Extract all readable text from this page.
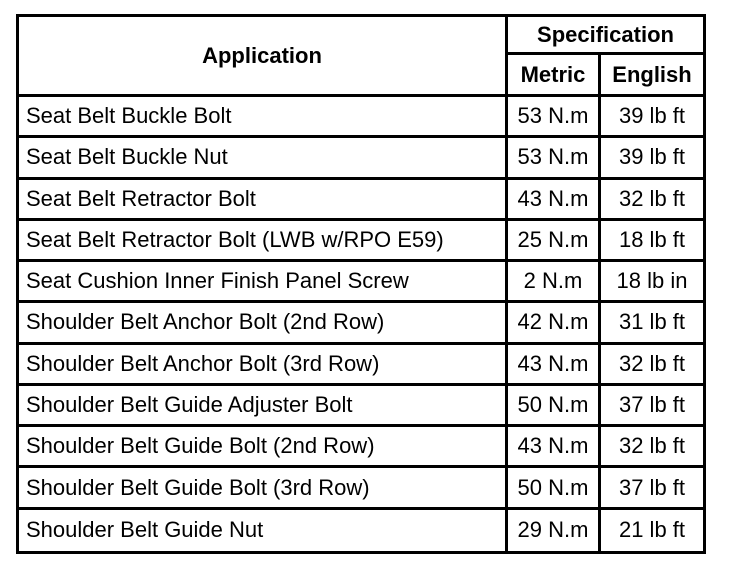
Application	Specification	
	Metric	English
Seat Belt Buckle Bolt	53 N.m	39 lb ft
Seat Belt Buckle Nut	53 N.m	39 lb ft
Seat Belt Retractor Bolt	43 N.m	32 lb ft
Seat Belt Retractor Bolt (LWB w/RPO E59)	25 N.m	18 lb ft
Seat Cushion Inner Finish Panel Screw	2 N.m	18 lb in
Shoulder Belt Anchor Bolt (2nd Row)	42 N.m	31 lb ft
Shoulder Belt Anchor Bolt (3rd Row)	43 N.m	32 lb ft
Shoulder Belt Guide Adjuster Bolt	50 N.m	37 lb ft
Shoulder Belt Guide Bolt (2nd Row)	43 N.m	32 lb ft
Shoulder Belt Guide Bolt (3rd Row)	50 N.m	37 lb ft
Shoulder Belt Guide Nut	29 N.m	21 lb ft
